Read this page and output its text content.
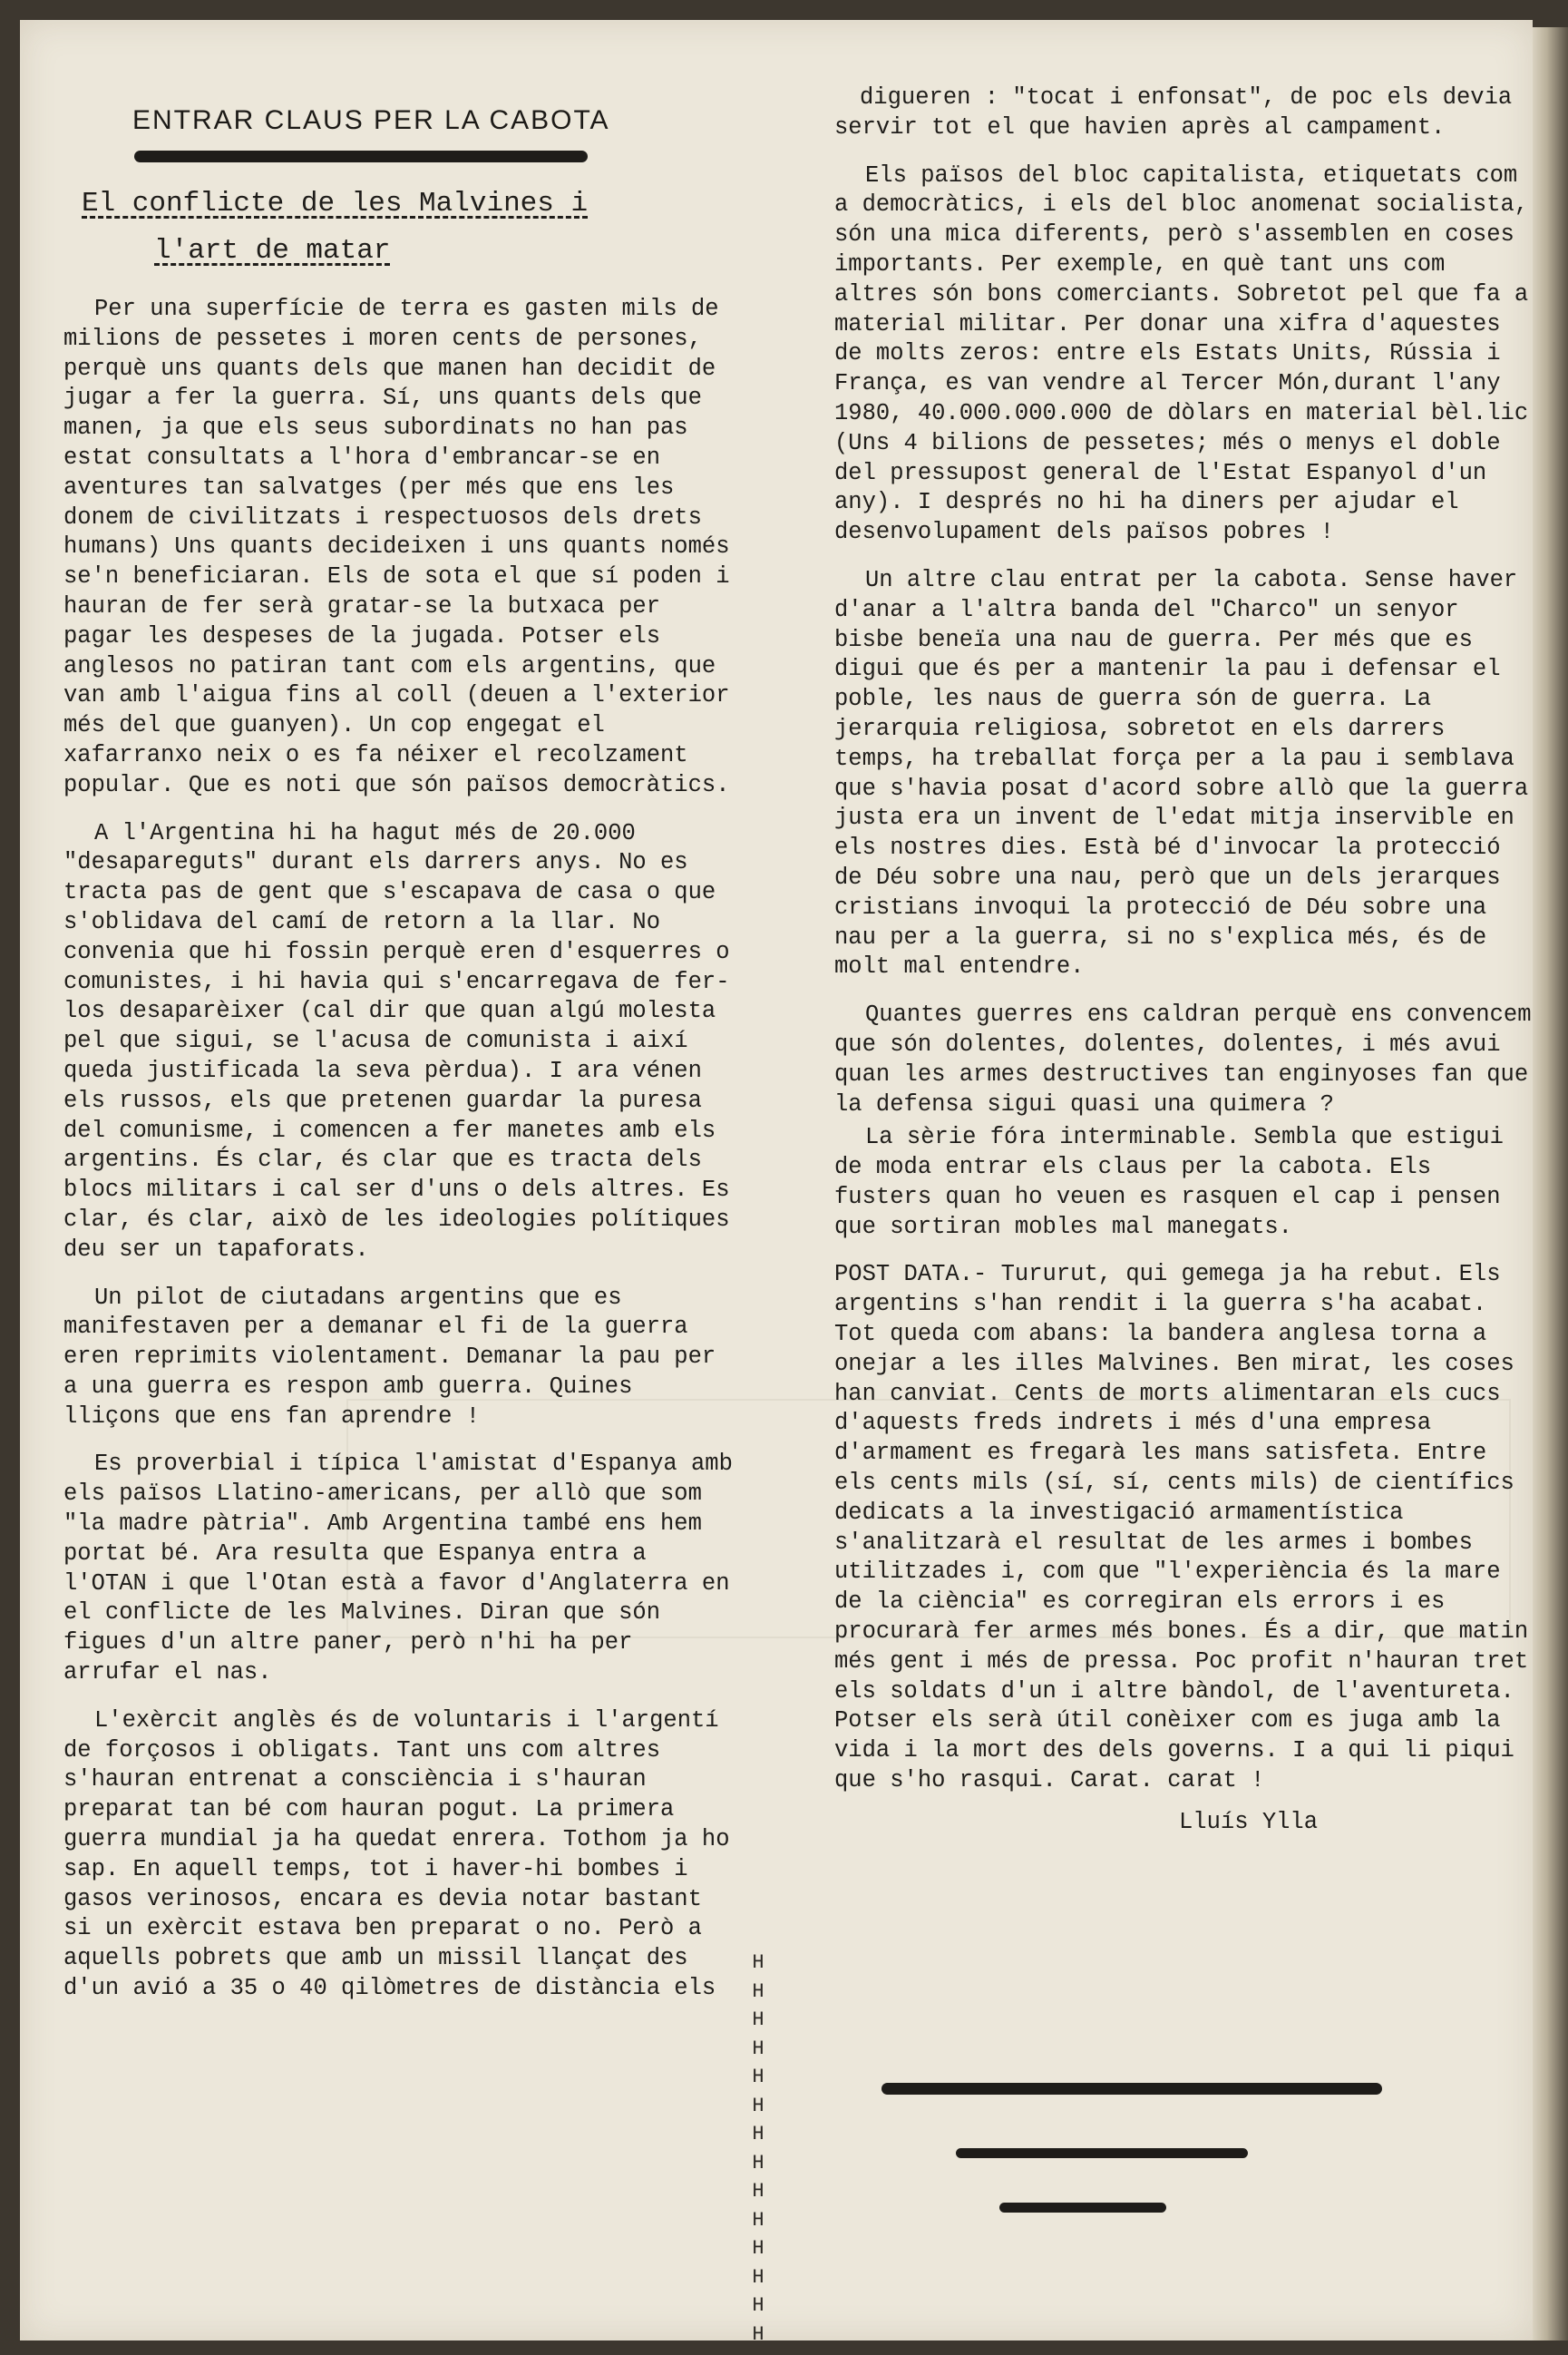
ENTRAR CLAUS PER LA CABOTA
El conflicte de les Malvines i
l'art de matar

Per una superfície de terra es gasten mils de milions de pessetes i moren cents de persones, perquè uns quants dels que manen han decidit de jugar a fer la guerra. Sí, uns quants dels que manen, ja que els seus subordinats no han pas estat consultats a l'hora d'embrancar-se en aventures tan salvatges (per més que ens les donem de civilitzats i respectuosos dels drets humans) Uns quants decideixen i uns quants només se'n beneficiaran. Els de sota el que sí poden i hauran de fer serà gratar-se la butxaca per pagar les despeses de la jugada. Potser els anglesos no patiran tant com els argentins, que van amb l'aigua fins al coll (deuen a l'exterior més del que guanyen). Un cop engegat el xafarranxo neix o es fa néixer el recolzament popular. Que es noti que són països democràtics.

A l'Argentina hi ha hagut més de 20.000 "desapareguts" durant els darrers anys. No es tracta pas de gent que s'escapava de casa o que s'oblidava del camí de retorn a la llar. No convenia que hi fossin perquè eren d'esquerres o comunistes, i hi havia qui s'encarregava de fer-los desaparèixer (cal dir que quan algú molesta pel que sigui, se l'acusa de comunista i així queda justificada la seva pèrdua). I ara vénen els russos, els que pretenen guardar la puresa del comunisme, i comencen a fer manetes amb els argentins. És clar, és clar que es tracta dels blocs militars i cal ser d'uns o dels altres. Es clar, és clar, això de les ideologies polítiques deu ser un tapaforats.

Un pilot de ciutadans argentins que es manifestaven per a demanar el fi de la guerra eren reprimits violentament. Demanar la pau per a una guerra es respon amb guerra. Quines lliçons que ens fan aprendre !

Es proverbial i típica l'amistat d'Espanya amb els països Llatino-americans, per allò que som "la madre pàtria". Amb Argentina també ens hem portat bé. Ara resulta que Espanya entra a l'OTAN i que l'Otan està a favor d'Anglaterra en el conflicte de les Malvines. Diran que són figues d'un altre paner, però n'hi ha per arrufar el nas.

L'exèrcit anglès és de voluntaris i l'argentí de forçosos i obligats. Tant uns com altres s'hauran entrenat a consciència i s'hauran preparat tan bé com hauran pogut. La primera guerra mundial ja ha quedat enrera. Tothom ja ho sap. En aquell temps, tot i haver-hi bombes i gasos verinosos, encara es devia notar bastant si un exèrcit estava ben preparat o no. Però a aquells pobrets que amb un missil llançat des d'un avió a 35 o 40 qilòmetres de distància els

H
H
H
H
H
H
H
H
H
H
H
H
H
H

digueren : "tocat i enfonsat", de poc els devia servir tot el que havien après al campament.

Els països del bloc capitalista, etiquetats com a democràtics, i els del bloc anomenat socialista, són una mica diferents, però s'assemblen en coses importants. Per exemple, en què tant uns com altres són bons comerciants. Sobretot pel que fa a material militar. Per donar una xifra d'aquestes de molts zeros: entre els Estats Units, Rússia i França, es van vendre al Tercer Món,durant l'any 1980, 40.000.000.000 de dòlars en material bèl.lic (Uns 4 bilions de pessetes; més o menys el doble del pressupost general de l'Estat Espanyol d'un any). I després no hi ha diners per ajudar el desenvolupament dels països pobres !

Un altre clau entrat per la cabota. Sense haver d'anar a l'altra banda del "Charco" un senyor bisbe beneïa una nau de guerra. Per més que es digui que és per a mantenir la pau i defensar el poble, les naus de guerra són de guerra. La jerarquia religiosa, sobretot en els darrers temps, ha treballat força per a la pau i semblava que s'havia posat d'acord sobre allò que la guerra justa era un invent de l'edat mitja inservible en els nostres dies. Està bé d'invocar la protecció de Déu sobre una nau, però que un dels jerarques cristians invoqui la protecció de Déu sobre una nau per a la guerra, si no s'explica més, és de molt mal entendre.

Quantes guerres ens caldran perquè ens convencem que són dolentes, dolentes, dolentes, i més avui quan les armes destructives tan enginyoses fan que la defensa sigui quasi una quimera ?

La sèrie fóra interminable. Sembla que estigui de moda entrar els claus per la cabota. Els fusters quan ho veuen es rasquen el cap i pensen que sortiran mobles mal manegats.

POST DATA.- Tururut, qui gemega ja ha rebut. Els argentins s'han rendit i la guerra s'ha acabat. Tot queda com abans: la bandera anglesa torna a onejar a les illes Malvines. Ben mirat, les coses han canviat. Cents de morts alimentaran els cucs d'aquests freds indrets i més d'una empresa d'armament es fregarà les mans satisfeta. Entre els cents mils (sí, sí, cents mils) de científics dedicats a la investigació armamentística s'analitzarà el resultat de les armes i bombes utilitzades i, com que "l'experiència és la mare de la ciència" es corregiran els errors i es procurarà fer armes més bones. És a dir, que matin més gent i més de pressa. Poc profit n'hauran tret els soldats d'un i altre bàndol, de l'aventureta. Potser els serà útil conèixer com es juga amb la vida i la mort des dels governs. I a qui li piqui que s'ho rasqui. Carat. carat !

Lluís Ylla
